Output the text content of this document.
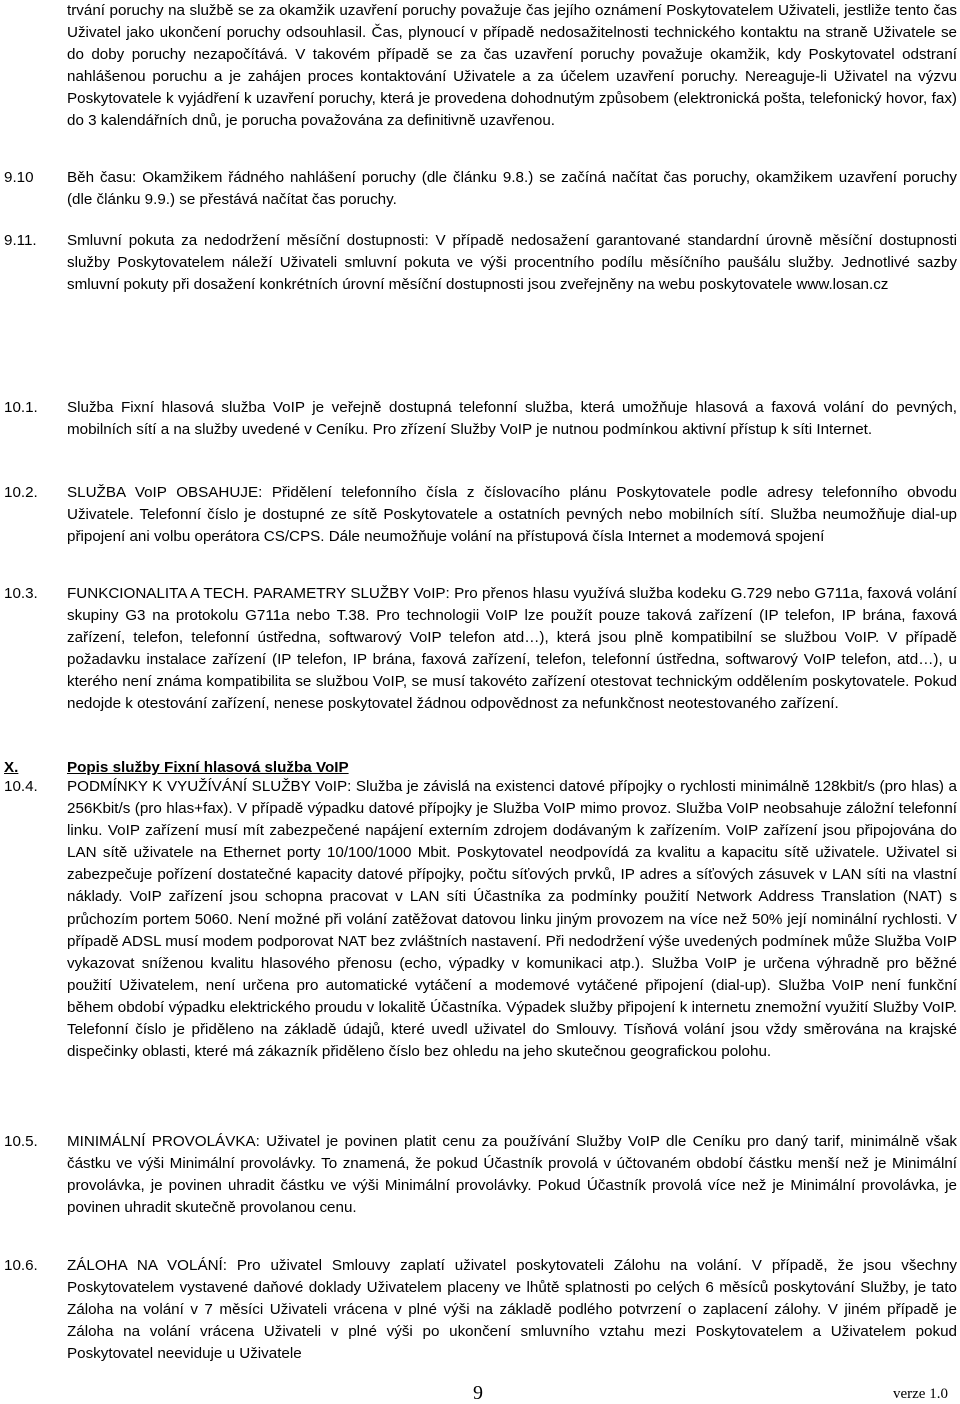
trvání poruchy na službě se za okamžik uzavření poruchy považuje čas jejího oznámení Poskytovatelem Uživateli, jestliže tento čas Uživatel jako ukončení poruchy odsouhlasil. Čas, plynoucí v případě nedosažitelnosti technického kontaktu na straně Uživatele se do doby poruchy nezapočítává. V takovém případě se za čas uzavření poruchy považuje okamžik, kdy Poskytovatel odstraní nahlášenou poruchu a je zahájen proces kontaktování Uživatele a za účelem uzavření poruchy. Nereaguje-li Uživatel na výzvu Poskytovatele k vyjádření k uzavření poruchy, která je provedena dohodnutým způsobem (elektronická pošta, telefonický hovor, fax) do 3 kalendářních dnů, je porucha považována za definitivně uzavřenou.

9.10 Běh času: Okamžikem řádného nahlášení poruchy (dle článku 9.8.) se začíná načítat čas poruchy, okamžikem uzavření poruchy (dle článku 9.9.) se přestává načítat čas poruchy.

9.11. Smluvní pokuta za nedodržení měsíční dostupnosti: V případě nedosažení garantované standardní úrovně měsíční dostupnosti služby Poskytovatelem náleží Uživateli smluvní pokuta ve výši procentního podílu měsíčního paušálu služby. Jednotlivé sazby smluvní pokuty při dosažení konkrétních úrovní měsíční dostupnosti jsou zveřejněny na webu poskytovatele www.losan.cz

X.	Popis služby Fixní hlasová služba VoIP

10.1. Služba Fixní hlasová služba VoIP je veřejně dostupná telefonní služba, která umožňuje hlasová a faxová volání do pevných, mobilních sítí a na služby uvedené v Ceníku. Pro zřízení Služby VoIP je nutnou podmínkou aktivní přístup k síti Internet.

10.2. SLUŽBA VoIP OBSAHUJE: Přidělení telefonního čísla z číslovacího plánu Poskytovatele podle adresy telefonního obvodu Uživatele. Telefonní číslo je dostupné ze sítě Poskytovatele a ostatních pevných nebo mobilních sítí. Služba neumožňuje dial-up připojení ani volbu operátora CS/CPS. Dále neumožňuje volání na přístupová čísla Internet a modemová spojení

10.3. FUNKCIONALITA A TECH. PARAMETRY SLUŽBY VoIP: Pro přenos hlasu využívá služba kodeku G.729 nebo G711a, faxová volání skupiny G3 na protokolu G711a nebo T.38. Pro technologii VoIP lze použít pouze taková zařízení (IP telefon, IP brána, faxová zařízení, telefon, telefonní ústředna, softwarový VoIP telefon atd…), která jsou plně kompatibilní se službou VoIP. V případě požadavku instalace zařízení (IP telefon, IP brána, faxová zařízení, telefon, telefonní ústředna, softwarový VoIP telefon, atd…), u kterého není známa kompatibilita se službou VoIP, se musí takovéto zařízení otestovat technickým oddělením poskytovatele. Pokud nedojde k otestování zařízení, nenese poskytovatel žádnou odpovědnost za nefunkčnost neotestovaného zařízení.

10.4. PODMÍNKY K VYUŽÍVÁNÍ SLUŽBY VoIP: Služba je závislá na existenci datové přípojky o rychlosti minimálně 128kbit/s (pro hlas) a 256Kbit/s (pro hlas+fax). V případě výpadku datové přípojky je Služba VoIP mimo provoz. Služba VoIP neobsahuje záložní telefonní linku. VoIP zařízení musí mít zabezpečené napájení externím zdrojem dodávaným k zařízením. VoIP zařízení jsou připojována do LAN sítě uživatele na Ethernet porty 10/100/1000 Mbit. Poskytovatel neodpovídá za kvalitu a kapacitu sítě uživatele. Uživatel si zabezpečuje pořízení dostatečné kapacity datové přípojky, počtu síťových prvků, IP adres a síťových zásuvek v LAN síti na vlastní náklady. VoIP zařízení jsou schopna pracovat v LAN síti Účastníka za podmínky použití Network Address Translation (NAT) s průchozím portem 5060. Není možné při volání zatěžovat datovou linku jiným provozem na více než 50% její nominální rychlosti. V případě ADSL musí modem podporovat NAT bez zvláštních nastavení. Při nedodržení výše uvedených podmínek může Služba VoIP vykazovat sníženou kvalitu hlasového přenosu (echo, výpadky v komunikaci atp.). Služba VoIP je určena výhradně pro běžné použití Uživatelem, není určena pro automatické vytáčení a modemové vytáčené připojení (dial-up). Služba VoIP není funkční během období výpadku elektrického proudu v lokalitě Účastníka. Výpadek služby připojení k internetu znemožní využití Služby VoIP. Telefonní číslo je přiděleno na základě údajů, které uvedl uživatel do Smlouvy. Tísňová volání jsou vždy směrována na krajské dispečinky oblasti, které má zákazník přiděleno číslo bez ohledu na jeho skutečnou geografickou polohu.

10.5. MINIMÁLNÍ PROVOLÁVKA: Uživatel je povinen platit cenu za používání Služby VoIP dle Ceníku pro daný tarif, minimálně však částku ve výši Minimální provolávky. To znamená, že pokud Účastník provolá v účtovaném období částku menší než je Minimální provolávka, je povinen uhradit částku ve výši Minimální provolávky. Pokud Účastník provolá více než je Minimální provolávka, je povinen uhradit skutečně provolanou cenu.

10.6. ZÁLOHA NA VOLÁNÍ: Pro uživatel Smlouvy zaplatí uživatel poskytovateli Zálohu na volání. V případě, že jsou všechny Poskytovatelem vystavené daňové doklady Uživatelem placeny ve lhůtě splatnosti po celých 6 měsíců poskytování Služby, je tato Záloha na volání v 7 měsíci Uživateli vrácena v plné výši na základě podlého potvrzení o zaplacení zálohy. V jiném případě je Záloha na volání vrácena Uživateli v plné výši po ukončení smluvního vztahu mezi Poskytovatelem a Uživatelem pokud Poskytovatel neeviduje u Uživatele

9	verze 1.0
